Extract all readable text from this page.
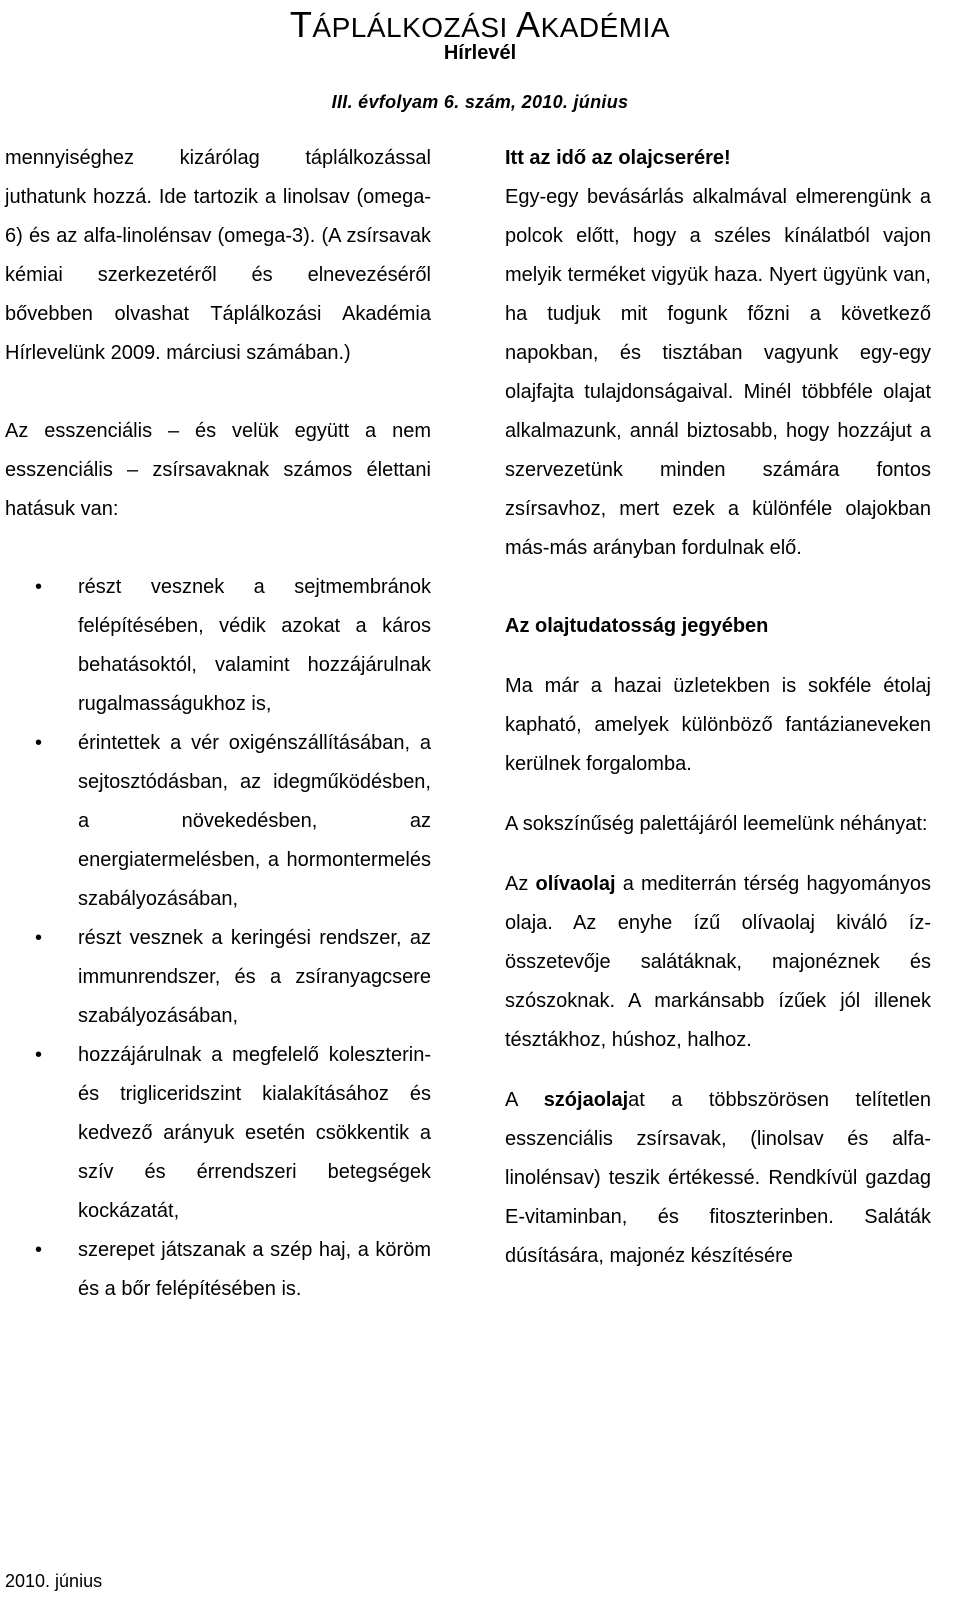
TÁPLÁLKOZÁSI AKADÉMIA
Hírlevél
III. évfolyam 6. szám, 2010. június

mennyiséghez kizárólag táplálkozással juthatunk hozzá. Ide tartozik a linolsav (omega-6) és az alfa-linolénsav (omega-3). (A zsírsavak kémiai szerkezetéről és elnevezéséről bővebben olvashat Táplálkozási Akadémia Hírlevelünk 2009. márciusi számában.)

Az esszenciális – és velük együtt a nem esszenciális – zsírsavaknak számos élettani hatásuk van:

• részt vesznek a sejtmembránok felépítésében, védik azokat a káros behatásoktól, valamint hozzájárulnak rugalmasságukhoz is,
• érintettek a vér oxigénszállításában, a sejtosztódásban, az idegműködésben, a növekedésben, az energiatermelésben, a hormontermelés szabályozásában,
• részt vesznek a keringési rendszer, az immunrendszer, és a zsíranyagcsere szabályozásában,
• hozzájárulnak a megfelelő koleszterin- és trigliceridszint kialakításához és kedvező arányuk esetén csökkentik a szív és érrendszeri betegségek kockázatát,
• szerepet játszanak a szép haj, a köröm és a bőr felépítésében is.

Itt az idő az olajcserére!

Egy-egy bevásárlás alkalmával elmerengünk a polcok előtt, hogy a széles kínálatból vajon melyik terméket vigyük haza. Nyert ügyünk van, ha tudjuk mit fogunk főzni a következő napokban, és tisztában vagyunk egy-egy olajfajta tulajdonságaival. Minél többféle olajat alkalmazunk, annál biztosabb, hogy hozzájut a szervezetünk minden számára fontos zsírsavhoz, mert ezek a különféle olajokban más-más arányban fordulnak elő.

Az olajtudatosság jegyében

Ma már a hazai üzletekben is sokféle étolaj kapható, amelyek különböző fantázianeveken kerülnek forgalomba.

A sokszínűség palettájáról leemelünk néhányat:

Az olívaolaj a mediterrán térség hagyományos olaja. Az enyhe ízű olívaolaj kiváló íz-összetevője salátáknak, majonéznek és szószoknak. A markánsabb ízűek jól illenek tésztákhoz, húshoz, halhoz.

A szójaolajat a többszörösen telítetlen esszenciális zsírsavak, (linolsav és alfa-linolénsav) teszik értékessé. Rendkívül gazdag E-vitaminban, és fitoszterinben. Saláták dúsítására, majonéz készítésére

2010. június
